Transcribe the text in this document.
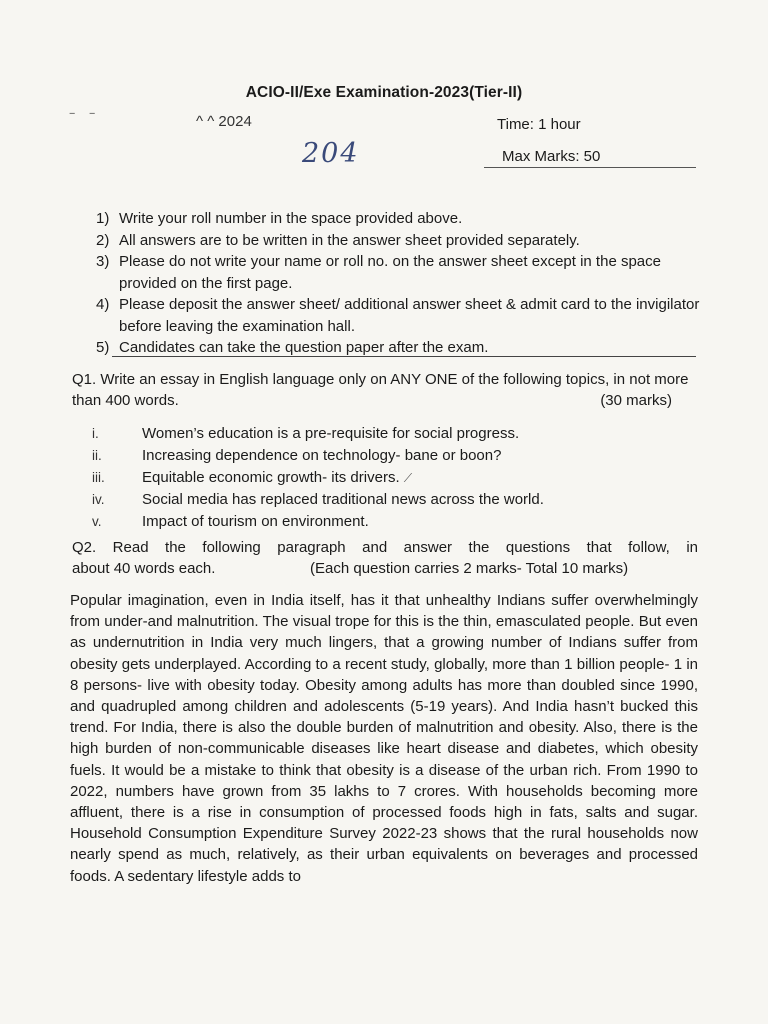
ACIO-II/Exe Examination-2023(Tier-II)
‾ ‾	^ ^ 2024	Time: 1 hour
204	Max Marks: 50
1) Write your roll number in the space provided above.
2) All answers are to be written in the answer sheet provided separately.
3) Please do not write your name or roll no. on the answer sheet except in the space provided on the first page.
4) Please deposit the answer sheet/ additional answer sheet & admit card to the invigilator before leaving the examination hall.
5) Candidates can take the question paper after the exam.
Q1. Write an essay in English language only on ANY ONE of the following topics, in not more than 400 words.	(30 marks)
i.	Women’s education is a pre-requisite for social progress.
ii.	Increasing dependence on technology- bane or boon?
iii. Equitable economic growth- its drivers. ⟋
iv.	Social media has replaced traditional news across the world.
v.	Impact of tourism on environment.
Q2. Read the following paragraph and answer the questions that follow, in
about 40 words each.	(Each question carries 2 marks- Total 10 marks)

Popular imagination, even in India itself, has it that unhealthy Indians suffer overwhelmingly from under-and malnutrition. The visual trope for this is the thin, emasculated people. But even as undernutrition in India very much lingers, that a growing number of Indians suffer from obesity gets underplayed. According to a recent study, globally, more than 1 billion people- 1 in 8 persons- live with obesity today. Obesity among adults has more than doubled since 1990, and quadrupled among children and adolescents (5-19 years). And India hasn’t bucked this trend. For India, there is also the double burden of malnutrition and obesity. Also, there is the high burden of non-communicable diseases like heart disease and diabetes, which obesity fuels. It would be a mistake to think that obesity is a disease of the urban rich. From 1990 to 2022, numbers have grown from 35 lakhs to 7 crores. With households becoming more affluent, there is a rise in consumption of processed foods high in fats, salts and sugar. Household Consumption Expenditure Survey 2022-23 shows that the rural households now nearly spend as much, relatively, as their urban equivalents on beverages and processed foods. A sedentary lifestyle adds to
